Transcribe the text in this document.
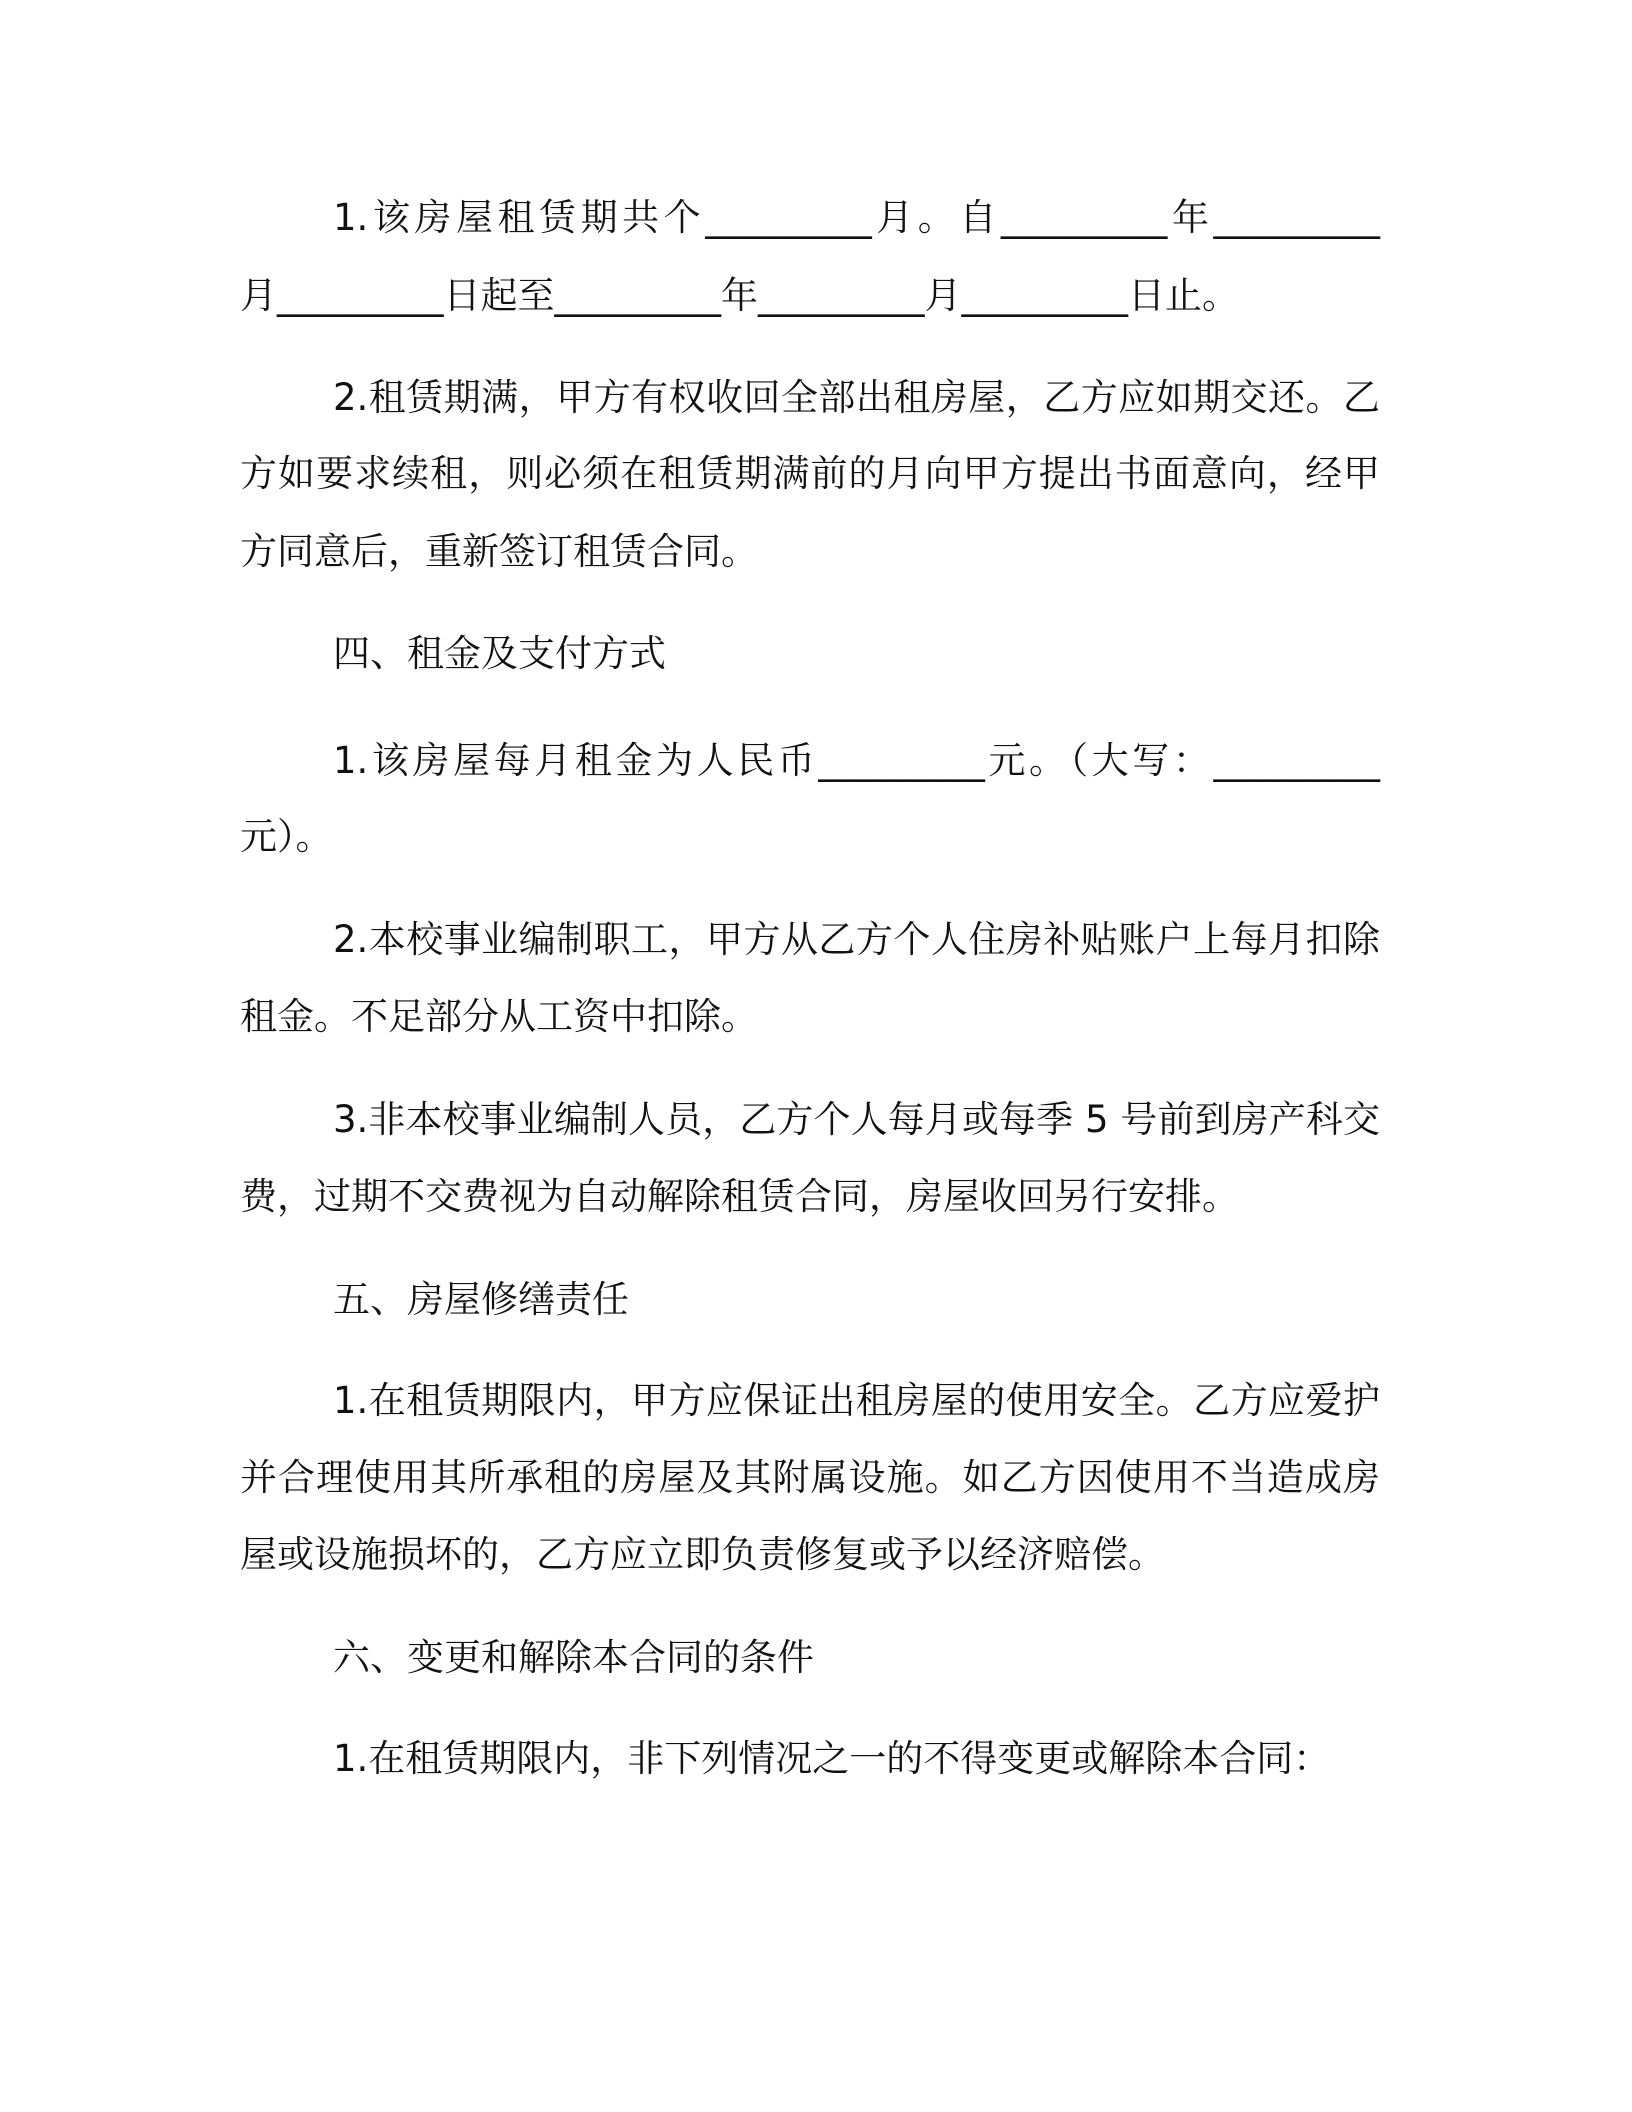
1.该房屋租赁期共个_________月。自_________年_________
月_________日起至_________年_________月_________日止。
2.租赁期满，甲方有权收回全部出租房屋，乙方应如期交还。乙
方如要求续租，则必须在租赁期满前的月向甲方提出书面意向，经甲
方同意后，重新签订租赁合同。
四、租金及支付方式
1.该房屋每月租金为人民币_________元。（大写：_________
元）。
2.本校事业编制职工，甲方从乙方个人住房补贴账户上每月扣除
租金。不足部分从工资中扣除。
3.非本校事业编制人员，乙方个人每月或每季 5 号前到房产科交
费，过期不交费视为自动解除租赁合同，房屋收回另行安排。
五、房屋修缮责任
1.在租赁期限内，甲方应保证出租房屋的使用安全。乙方应爱护
并合理使用其所承租的房屋及其附属设施。如乙方因使用不当造成房
屋或设施损坏的，乙方应立即负责修复或予以经济赔偿。
六、变更和解除本合同的条件
1.在租赁期限内，非下列情况之一的不得变更或解除本合同：
